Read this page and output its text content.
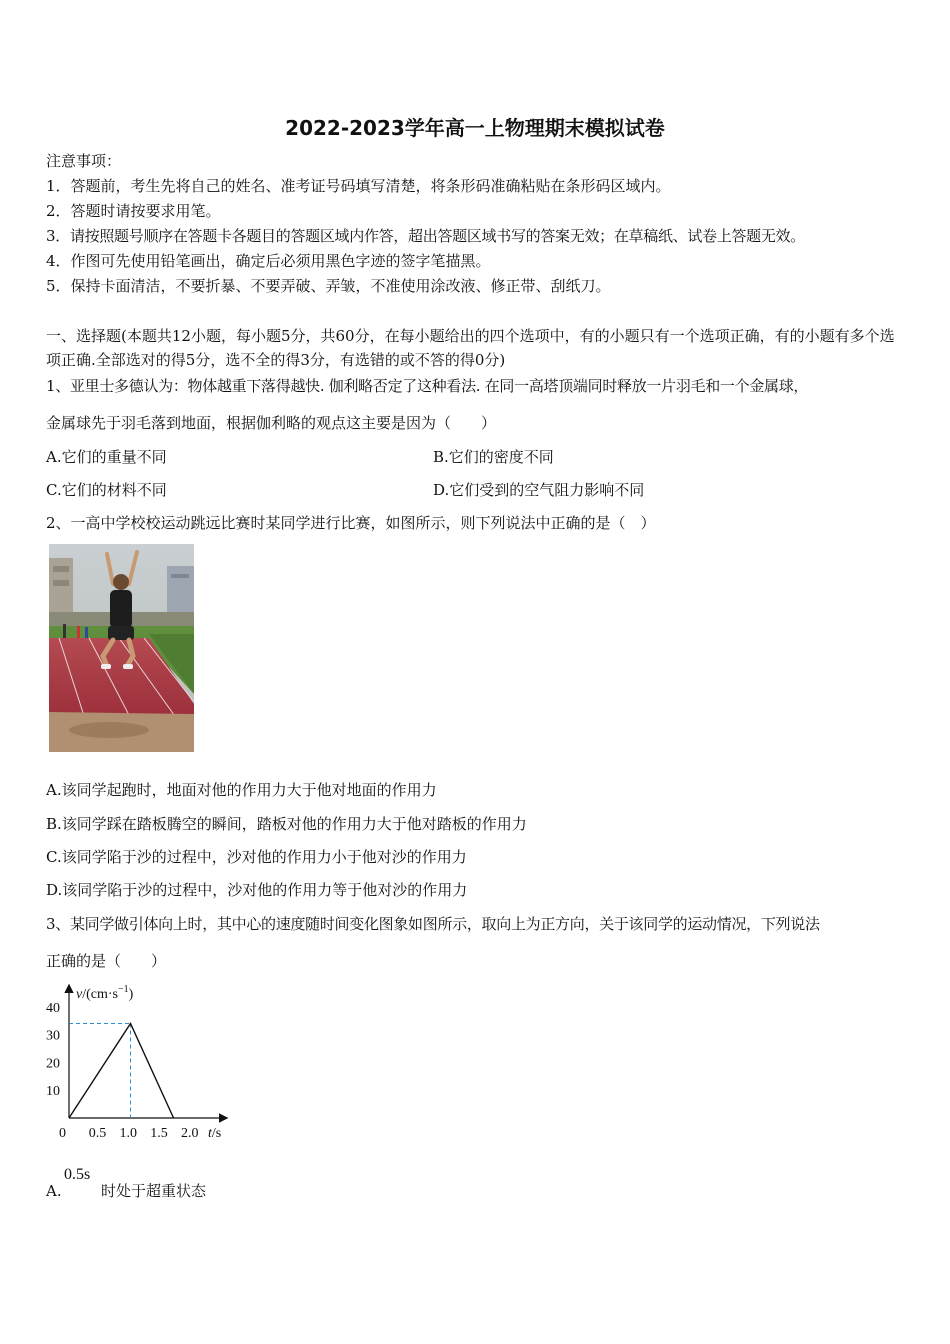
2022-2023学年高一上物理期末模拟试卷
注意事项：
1．答题前，考生先将自己的姓名、准考证号码填写清楚，将条形码准确粘贴在条形码区域内。
2．答题时请按要求用笔。
3．请按照题号顺序在答题卡各题目的答题区域内作答，超出答题区域书写的答案无效；在草稿纸、试卷上答题无效。
4．作图可先使用铅笔画出，确定后必须用黑色字迹的签字笔描黑。
5．保持卡面清洁，不要折暴、不要弄破、弄皱，不准使用涂改液、修正带、刮纸刀。
一、选择题(本题共12小题，每小题5分，共60分，在每小题给出的四个选项中，有的小题只有一个选项正确，有的小题有多个选项正确.全部选对的得5分，选不全的得3分，有选错的或不答的得0分)
1、亚里士多德认为：物体越重下落得越快. 伽利略否定了这种看法. 在同一高塔顶端同时释放一片羽毛和一个金属球，
金属球先于羽毛落到地面，根据伽利略的观点这主要是因为（　　）
A.它们的重量不同	B.它们的密度不同
C.它们的材料不同	D.它们受到的空气阻力影响不同
2、一高中学校校运动跳远比赛时某同学进行比赛，如图所示，则下列说法中正确的是（　）
A.该同学起跑时，地面对他的作用力大于他对地面的作用力
B.该同学踩在踏板腾空的瞬间，踏板对他的作用力大于他对踏板的作用力
C.该同学陷于沙的过程中，沙对他的作用力小于他对沙的作用力
D.该同学陷于沙的过程中，沙对他的作用力等于他对沙的作用力
3、某同学做引体向上时，其中心的速度随时间变化图象如图所示，取向上为正方向，关于该同学的运动情况，下列说法
正确的是（　　）
$v/(cm\cdot s^{-1})$
t/s
0 0.5 1.0 1.5 2.0
10
20
30
40
A.
0.5s
时处于超重状态
